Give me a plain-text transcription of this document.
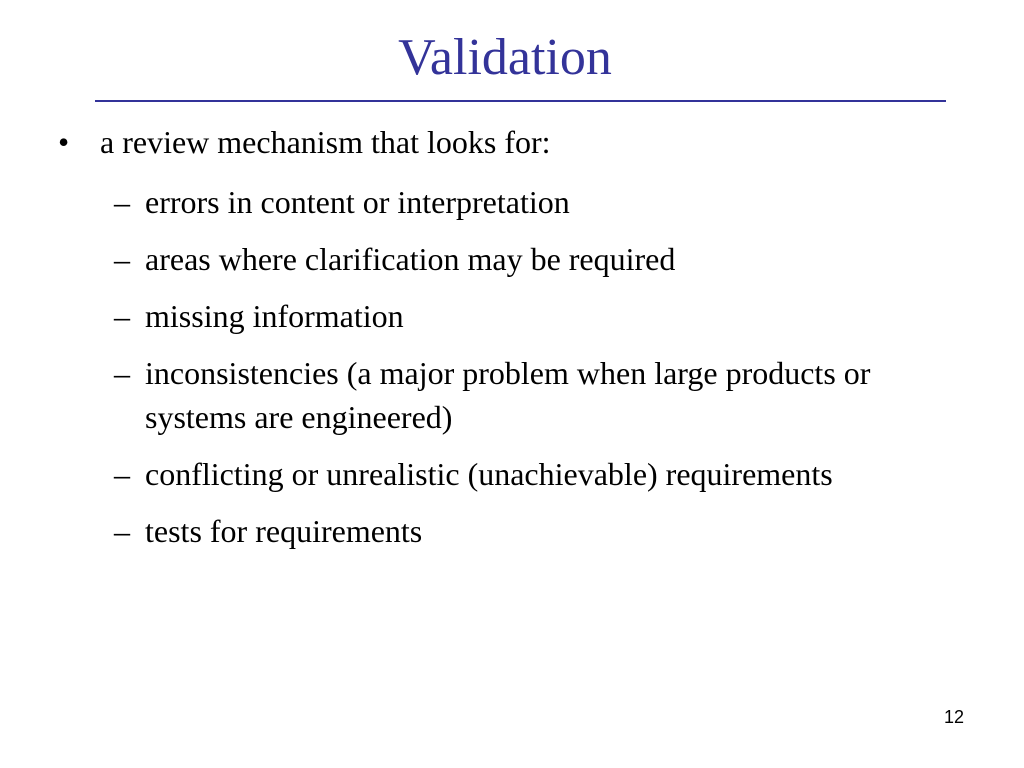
Validation
• a review mechanism that looks for:
– errors in content or interpretation
– areas where clarification may be required
– missing information
– inconsistencies (a major problem when large products or systems are engineered)
– conflicting or unrealistic (unachievable) requirements
– tests for requirements
12
